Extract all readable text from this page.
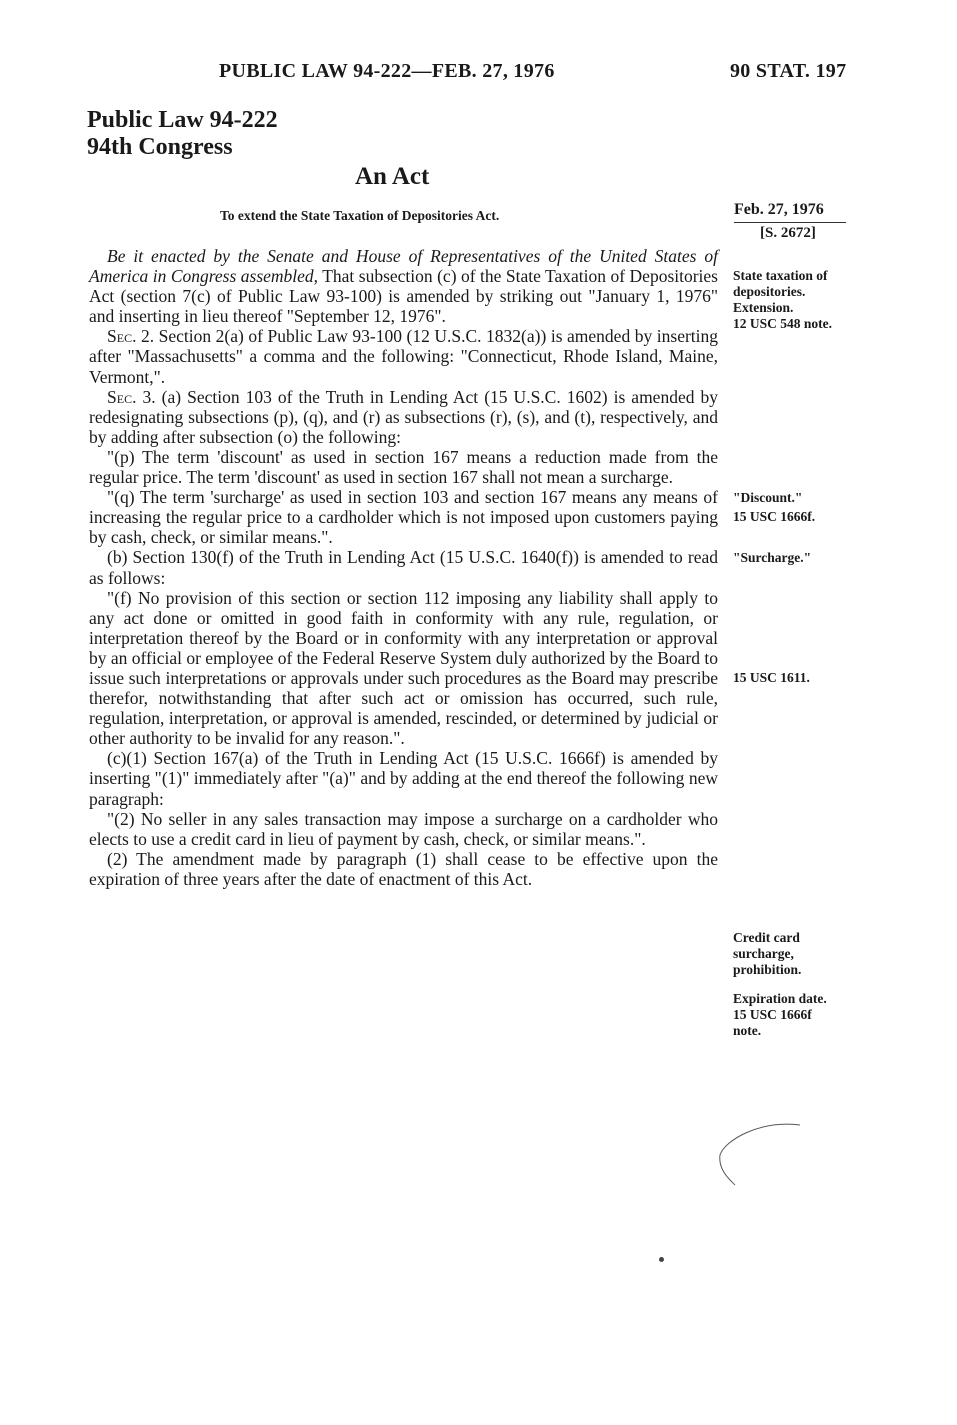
PUBLIC LAW 94-222—FEB. 27, 1976	90 STAT. 197
Public Law 94-222
94th Congress
An Act
To extend the State Taxation of Depositories Act.	Feb. 27, 1976
[S. 2672]

Be it enacted by the Senate and House of Representatives of the United States of America in Congress assembled, That subsection (c) of the State Taxation of Depositories Act (section 7(c) of Public Law 93-100) is amended by striking out "January 1, 1976" and inserting in lieu thereof "September 12, 1976".

Sec. 2. Section 2(a) of Public Law 93-100 (12 U.S.C. 1832(a)) is amended by inserting after "Massachusetts" a comma and the following: "Connecticut, Rhode Island, Maine, Vermont,".

Sec. 3. (a) Section 103 of the Truth in Lending Act (15 U.S.C. 1602) is amended by redesignating subsections (p), (q), and (r) as subsections (r), (s), and (t), respectively, and by adding after subsection (o) the following:

"(p) The term 'discount' as used in section 167 means a reduction made from the regular price. The term 'discount' as used in section 167 shall not mean a surcharge.

"(q) The term 'surcharge' as used in section 103 and section 167 means any means of increasing the regular price to a cardholder which is not imposed upon customers paying by cash, check, or similar means.".

(b) Section 130(f) of the Truth in Lending Act (15 U.S.C. 1640(f)) is amended to read as follows:

"(f) No provision of this section or section 112 imposing any liability shall apply to any act done or omitted in good faith in conformity with any rule, regulation, or interpretation thereof by the Board or in conformity with any interpretation or approval by an official or employee of the Federal Reserve System duly authorized by the Board to issue such interpretations or approvals under such procedures as the Board may prescribe therefor, notwithstanding that after such act or omission has occurred, such rule, regulation, interpretation, or approval is amended, rescinded, or determined by judicial or other authority to be invalid for any reason.".

(c)(1) Section 167(a) of the Truth in Lending Act (15 U.S.C. 1666f) is amended by inserting "(1)" immediately after "(a)" and by adding at the end thereof the following new paragraph:

"(2) No seller in any sales transaction may impose a surcharge on a cardholder who elects to use a credit card in lieu of payment by cash, check, or similar means.".

(2) The amendment made by paragraph (1) shall cease to be effective upon the expiration of three years after the date of enactment of this Act.

State taxation of
depositories.
Extension.
12 USC 548 note.
"Discount."
15 USC 1666f.
"Surcharge."
15 USC 1611.
Credit card
surcharge,
prohibition.
Expiration date.
15 USC 1666f
note.
